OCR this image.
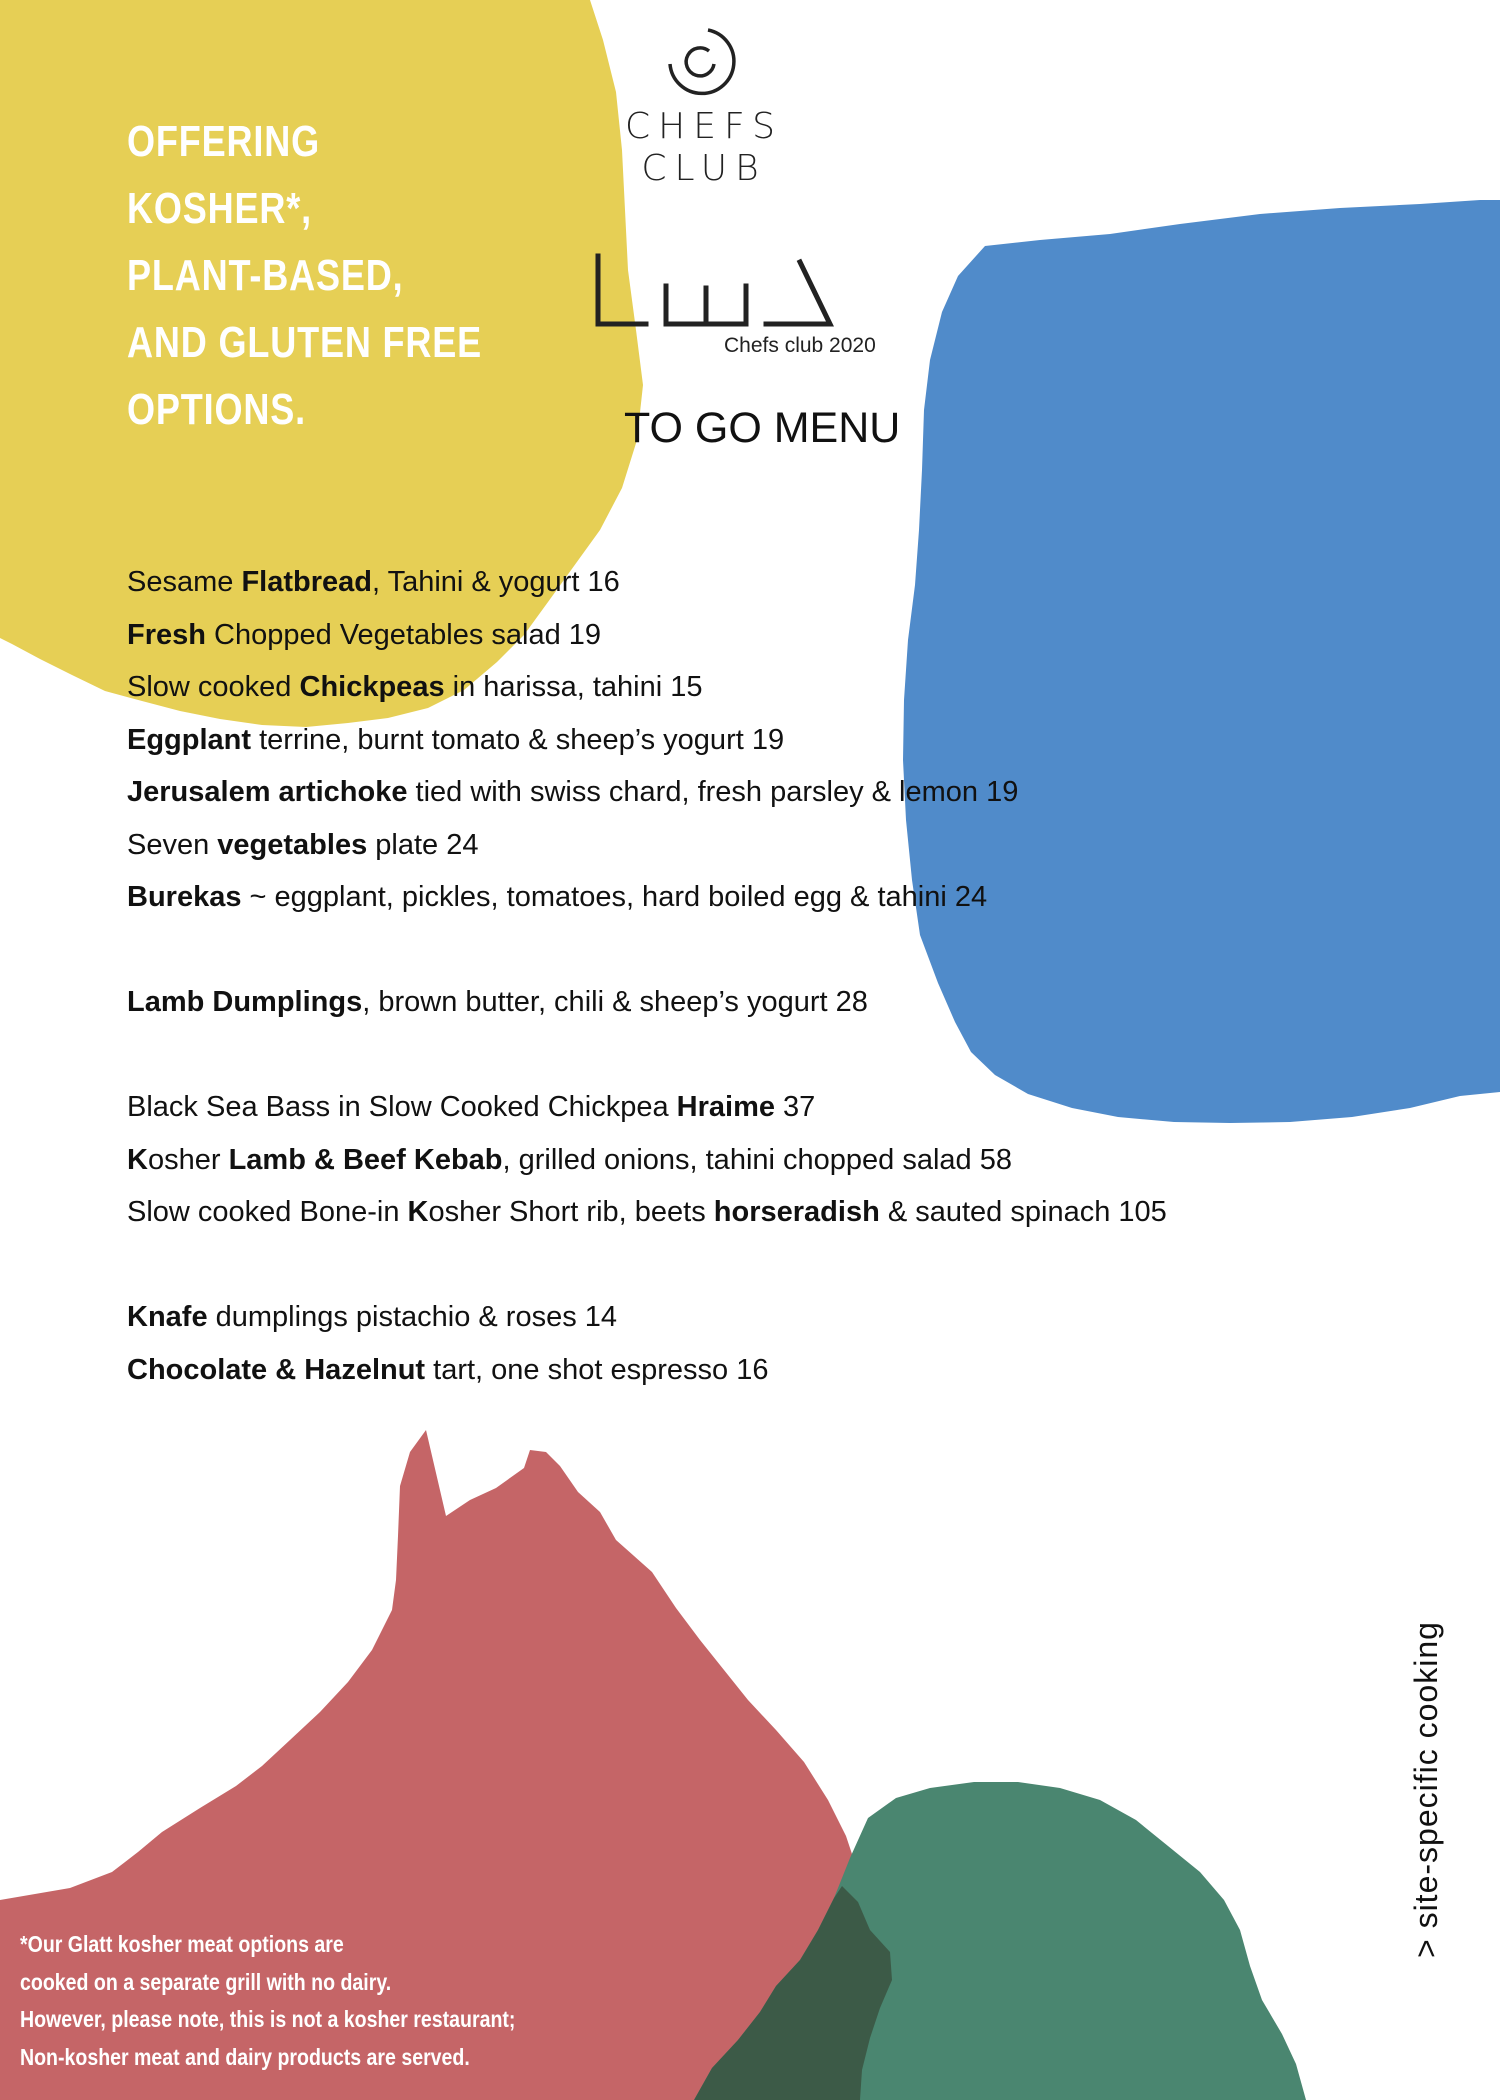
OFFERING
KOSHER*,
PLANT-BASED,
AND GLUTEN FREE
OPTIONS.
CHEFS
CLUB
Chefs club 2020
TO GO MENU
Sesame Flatbread, Tahini & yogurt 16
Fresh Chopped Vegetables salad 19
Slow cooked Chickpeas in harissa, tahini 15
Eggplant terrine, burnt tomato & sheep’s yogurt 19
Jerusalem artichoke tied with swiss chard, fresh parsley & lemon 19
Seven vegetables plate 24
Burekas ~ eggplant, pickles, tomatoes, hard boiled egg & tahini 24
Lamb Dumplings, brown butter, chili & sheep’s yogurt 28
Black Sea Bass in Slow Cooked Chickpea Hraime 37
Kosher Lamb & Beef Kebab, grilled onions, tahini chopped salad 58
Slow cooked Bone-in Kosher Short rib, beets horseradish & sauted spinach 105
Knafe dumplings pistachio & roses 14
Chocolate & Hazelnut tart, one shot espresso 16
> site-specific cooking
*Our Glatt kosher meat options are
cooked on a separate grill with no dairy.
However, please note, this is not a kosher restaurant;
Non-kosher meat and dairy products are served.
